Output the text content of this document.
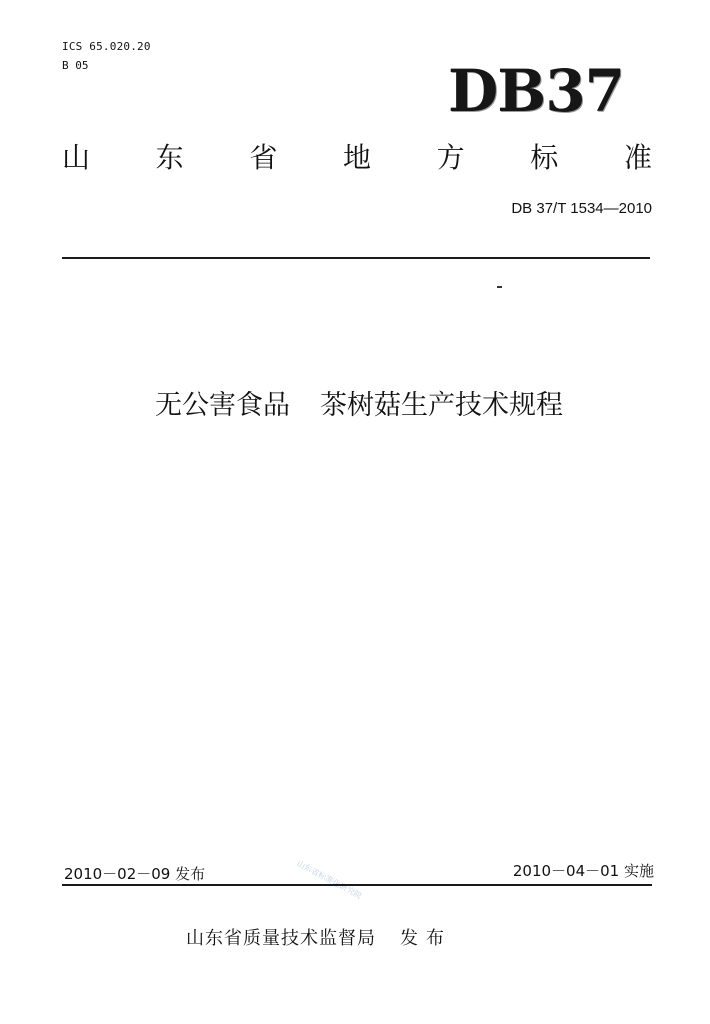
ICS 65.020.20
B 05	DB37
山 东 省 地 方 标 准
DB 37/T 1534—2010
无公害食品 茶树菇生产技术规程
山东省标准化研究院
2010－02－09 发布	2010－04－01 实施
山东省质量技术监督局 发布
